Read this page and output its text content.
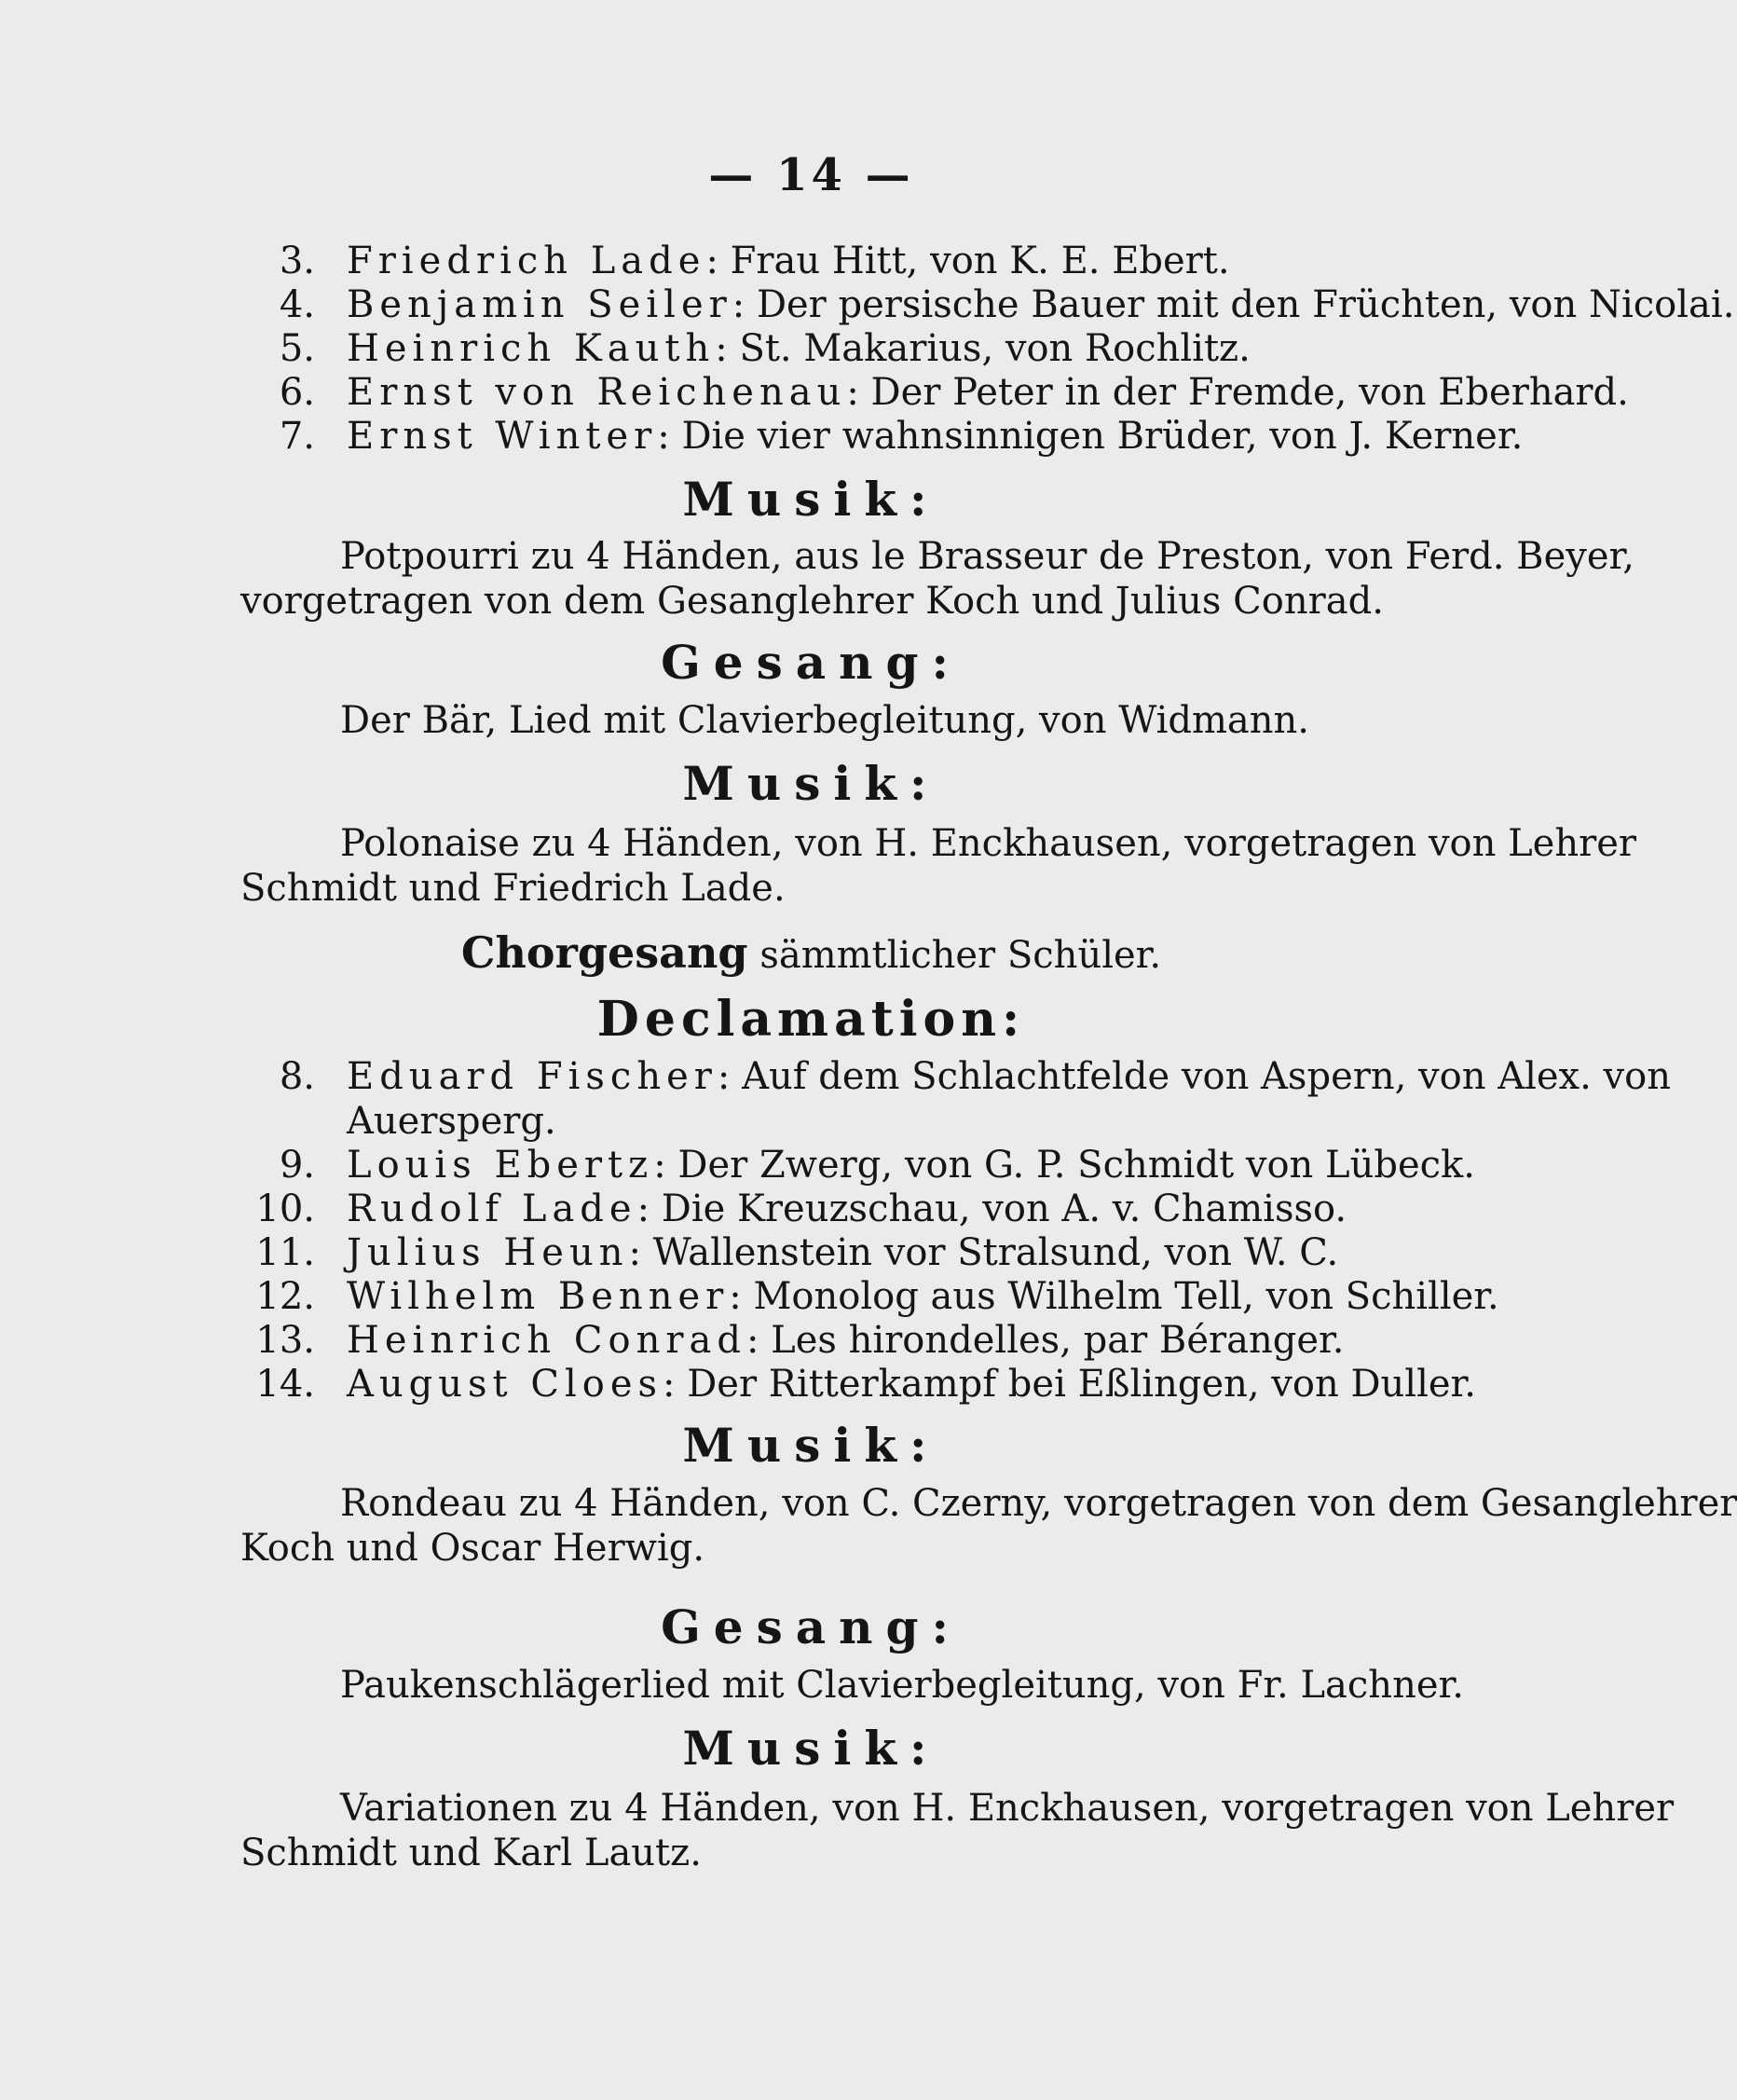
— 14 —
3. Friedrich Lade: Frau Hitt, von K. E. Ebert.
4. Benjamin Seiler: Der persische Bauer mit den Früchten, von Nicolai.
5. Heinrich Kauth: St. Makarius, von Rochlitz.
6. Ernst von Reichenau: Der Peter in der Fremde, von Eberhard.
7. Ernst Winter: Die vier wahnsinnigen Brüder, von J. Kerner.
Musik:
Potpourri zu 4 Händen, aus le Brasseur de Preston, von Ferd. Beyer,
vorgetragen von dem Gesanglehrer Koch und Julius Conrad.
Gesang:
Der Bär, Lied mit Clavierbegleitung, von Widmann.
Musik:
Polonaise zu 4 Händen, von H. Enckhausen, vorgetragen von Lehrer
Schmidt und Friedrich Lade.
Chorgesang sämmtlicher Schüler.
Declamation:
8. Eduard Fischer: Auf dem Schlachtfelde von Aspern, von Alex. von
Auersperg.
9. Louis Ebertz: Der Zwerg, von G. P. Schmidt von Lübeck.
10. Rudolf Lade: Die Kreuzschau, von A. v. Chamisso.
11. Julius Heun: Wallenstein vor Stralsund, von W. C.
12. Wilhelm Benner: Monolog aus Wilhelm Tell, von Schiller.
13. Heinrich Conrad: Les hirondelles, par Béranger.
14. August Cloes: Der Ritterkampf bei Eßlingen, von Duller.
Musik:
Rondeau zu 4 Händen, von C. Czerny, vorgetragen von dem Gesanglehrer
Koch und Oscar Herwig.
Gesang:
Paukenschlägerlied mit Clavierbegleitung, von Fr. Lachner.
Musik:
Variationen zu 4 Händen, von H. Enckhausen, vorgetragen von Lehrer
Schmidt und Karl Lautz.
